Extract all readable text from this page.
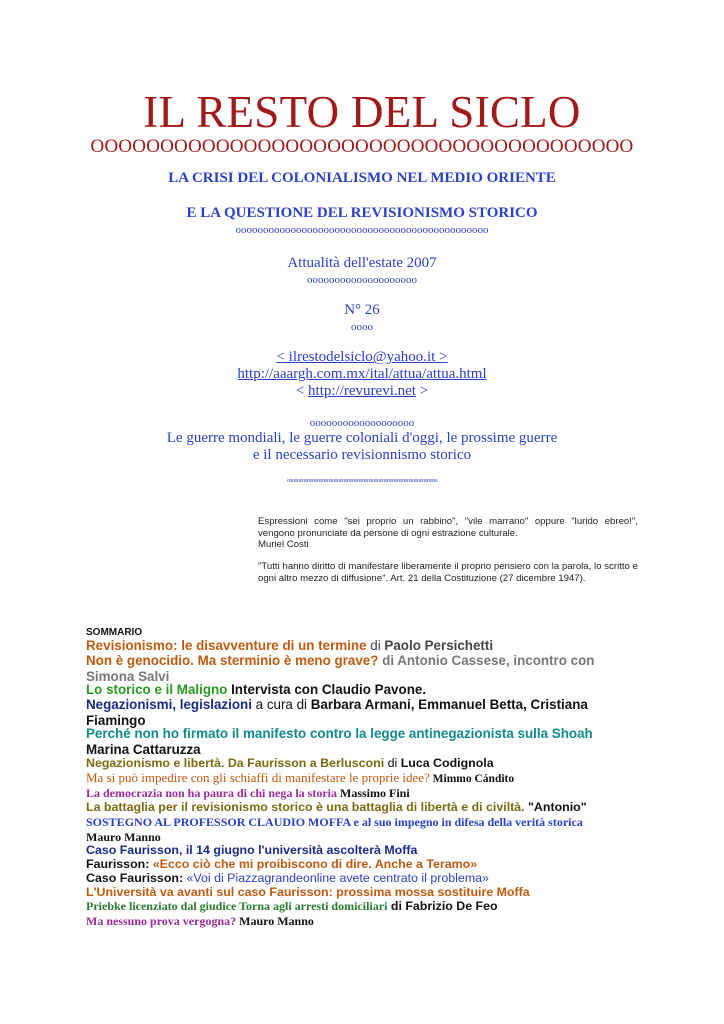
IL RESTO DEL SICLO
OOOOOOOOOOOOOOOOOOOOOOOOOOOOOOOOOOOOOOO
LA CRISI DEL COLONIALISMO NEL MEDIO ORIENTE
E LA QUESTIONE DEL REVISIONISMO STORICO
oooooooooooooooooooooooooooooooooooooooooooooo
Attualità dell'estate 2007
oooooooooooooooooooo
N° 26
oooo
< ilrestodelsiclo@yahoo.it >
http://aaargh.com.mx/ital/attua/attua.html
< http://revurevi.net >
ooooooooooooooooooo
Le guerre mondiali, le guerre coloniali d'oggi, le prossime guerre
e il necessario revisionnismo storico
oooooooooooooooooooooooooooooooooooooooooooooooooooooooooooo
Espressioni come "sei proprio un rabbino", "vile marrano" oppure "lurido ebreo!", vengono pronunciate da persone di ogni estrazione culturale.
Muriel Costi
"Tutti hanno diritto di manifestare liberamente il proprio pensiero con la parola, lo scritto e ogni altro mezzo di diffusione". Art. 21 della Costituzione (27 dicembre 1947).
SOMMARIO
Revisionismo: le disavventure di un termine di Paolo Persichetti
Non è genocidio. Ma sterminio è meno grave? di Antonio Cassese, incontro con
Simona Salvi
Lo storico e il Maligno Intervista con Claudio Pavone.
Negazionismi, legislazioni a cura di Barbara Armani, Emmanuel Betta, Cristiana
Fiamingo
Perché non ho firmato il manifesto contro la legge antinegazionista sulla Shoah
Marina Cattaruzza
Negazionismo e libertà. Da Faurisson a Berlusconi di Luca Codignola
Ma si può impedire con gli schiaffi di manifestare le proprie idee? Mimmo Cándito
La democrazia non ha paura di chi nega la storia Massimo Fini
La battaglia per il revisionismo storico è una battaglia di libertà e di civiltà. "Antonio"
SOSTEGNO AL PROFESSOR CLAUDIO MOFFA e al suo impegno in difesa della verità storica
Mauro Manno
Caso Faurisson, il 14 giugno l'università ascolterà Moffa
Faurisson: «Ecco ciò che mi proibiscono di dire. Anche a Teramo»
Caso Faurisson: «Voi di Piazzagrandeonline avete centrato il problema»
L'Università va avanti sul caso Faurisson: prossima mossa sostituire Moffa
Priebke licenziato dal giudice Torna agli arresti domiciliari di Fabrizio De Feo
Ma nessuno prova vergogna? Mauro Manno
